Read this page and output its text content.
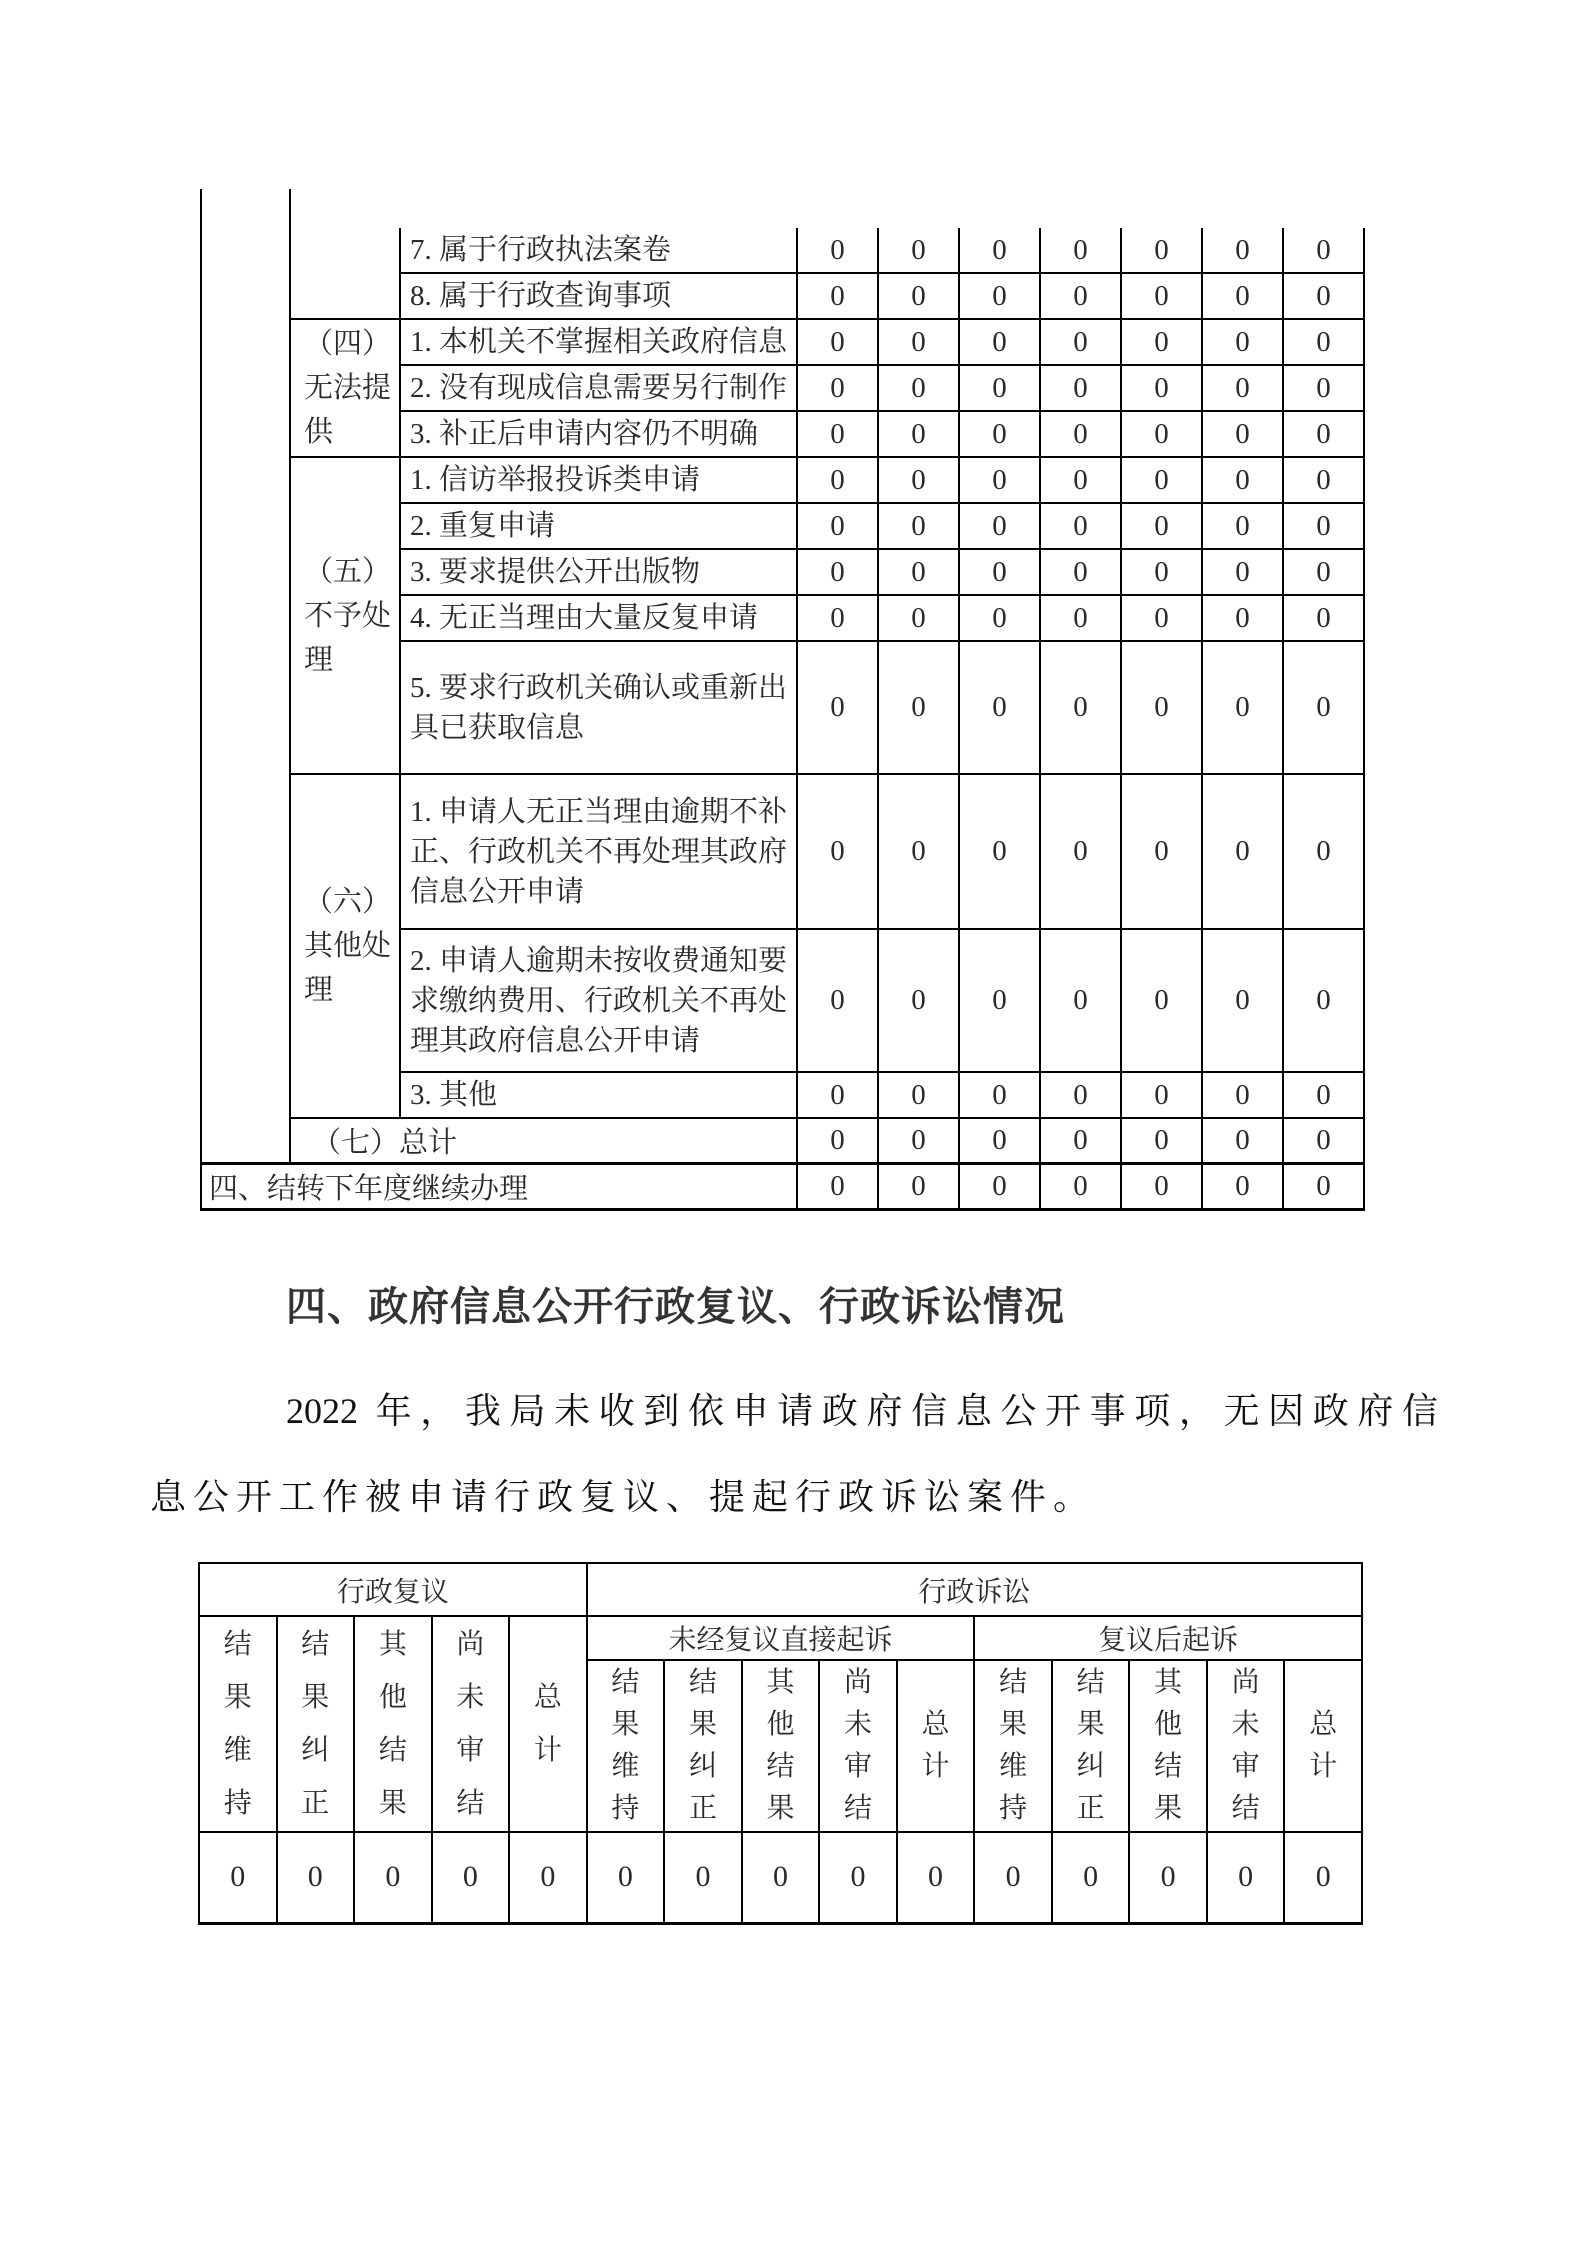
		7. 属于行政执法案卷	0	0	0	0	0	0	0
		8. 属于行政查询事项	0	0	0	0	0	0	0
	（四）无法提供	1. 本机关不掌握相关政府信息	0	0	0	0	0	0	0
		2. 没有现成信息需要另行制作	0	0	0	0	0	0	0
		3. 补正后申请内容仍不明确	0	0	0	0	0	0	0
	（五）不予处理	1. 信访举报投诉类申请	0	0	0	0	0	0	0
		2. 重复申请	0	0	0	0	0	0	0
		3. 要求提供公开出版物	0	0	0	0	0	0	0
		4. 无正当理由大量反复申请	0	0	0	0	0	0	0
		5. 要求行政机关确认或重新出具已获取信息	0	0	0	0	0	0	0
	（六）其他处理	1. 申请人无正当理由逾期不补正、行政机关不再处理其政府信息公开申请	0	0	0	0	0	0	0
		2. 申请人逾期未按收费通知要求缴纳费用、行政机关不再处理其政府信息公开申请	0	0	0	0	0	0	0
		3. 其他	0	0	0	0	0	0	0
	（七）总计		0	0	0	0	0	0	0
四、结转下年度继续办理			0	0	0	0	0	0	0
四、政府信息公开行政复议、行政诉讼情况
2022 年，我局未收到依申请政府信息公开事项，无因政府信
息公开工作被申请行政复议、提起行政诉讼案件。
行政复议					行政诉讼									
结果维持	结果纠正	其他结果	尚未审结	总计	未经复议直接起诉					复议后起诉				
					结果维持	结果纠正	其他结果	尚未审结	总计	结果维持	结果纠正	其他结果	尚未审结	总计
0	0	0	0	0	0	0	0	0	0	0	0	0	0	0
